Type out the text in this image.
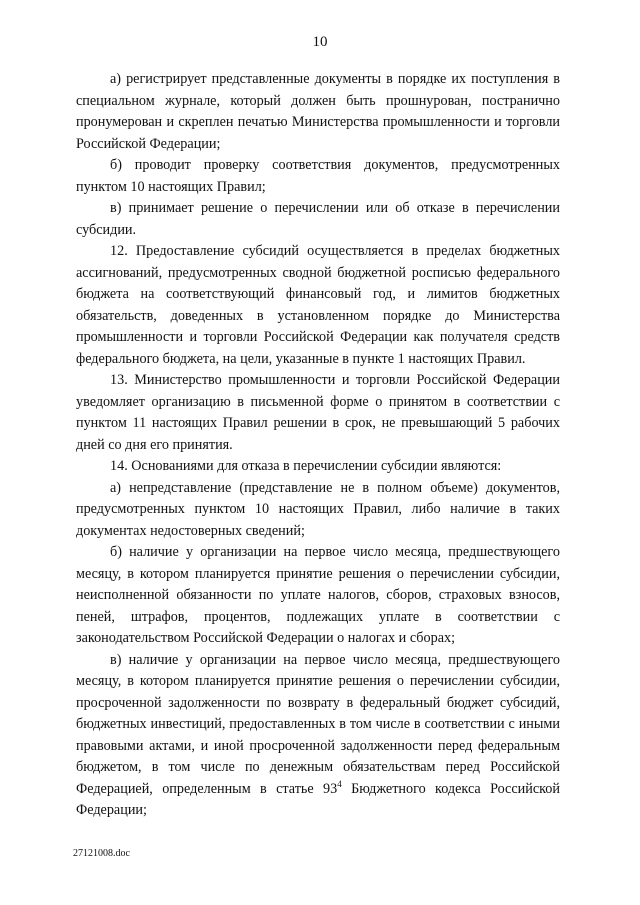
10

а) регистрирует представленные документы в порядке их поступления в специальном журнале, который должен быть прошнурован, постранично пронумерован и скреплен печатью Министерства промышленности и торговли Российской Федерации;

б) проводит проверку соответствия документов, предусмотренных пунктом 10 настоящих Правил;

в) принимает решение о перечислении или об отказе в перечислении субсидии.

12. Предоставление субсидий осуществляется в пределах бюджетных ассигнований, предусмотренных сводной бюджетной росписью федерального бюджета на соответствующий финансовый год, и лимитов бюджетных обязательств, доведенных в установленном порядке до Министерства промышленности и торговли Российской Федерации как получателя средств федерального бюджета, на цели, указанные в пункте 1 настоящих Правил.

13. Министерство промышленности и торговли Российской Федерации уведомляет организацию в письменной форме о принятом в соответствии с пунктом 11 настоящих Правил решении в срок, не превышающий 5 рабочих дней со дня его принятия.

14. Основаниями для отказа в перечислении субсидии являются:

а) непредставление (представление не в полном объеме) документов, предусмотренных пунктом 10 настоящих Правил, либо наличие в таких документах недостоверных сведений;

б) наличие у организации на первое число месяца, предшествующего месяцу, в котором планируется принятие решения о перечислении субсидии, неисполненной обязанности по уплате налогов, сборов, страховых взносов, пеней, штрафов, процентов, подлежащих уплате в соответствии с законодательством Российской Федерации о налогах и сборах;

в) наличие у организации на первое число месяца, предшествующего месяцу, в котором планируется принятие решения о перечислении субсидии, просроченной задолженности по возврату в федеральный бюджет субсидий, бюджетных инвестиций, предоставленных в том числе в соответствии с иными правовыми актами, и иной просроченной задолженности перед федеральным бюджетом, в том числе по денежным обязательствам перед Российской Федерацией, определенным в статье $93^4$ Бюджетного кодекса Российской Федерации;

27121008.doc
